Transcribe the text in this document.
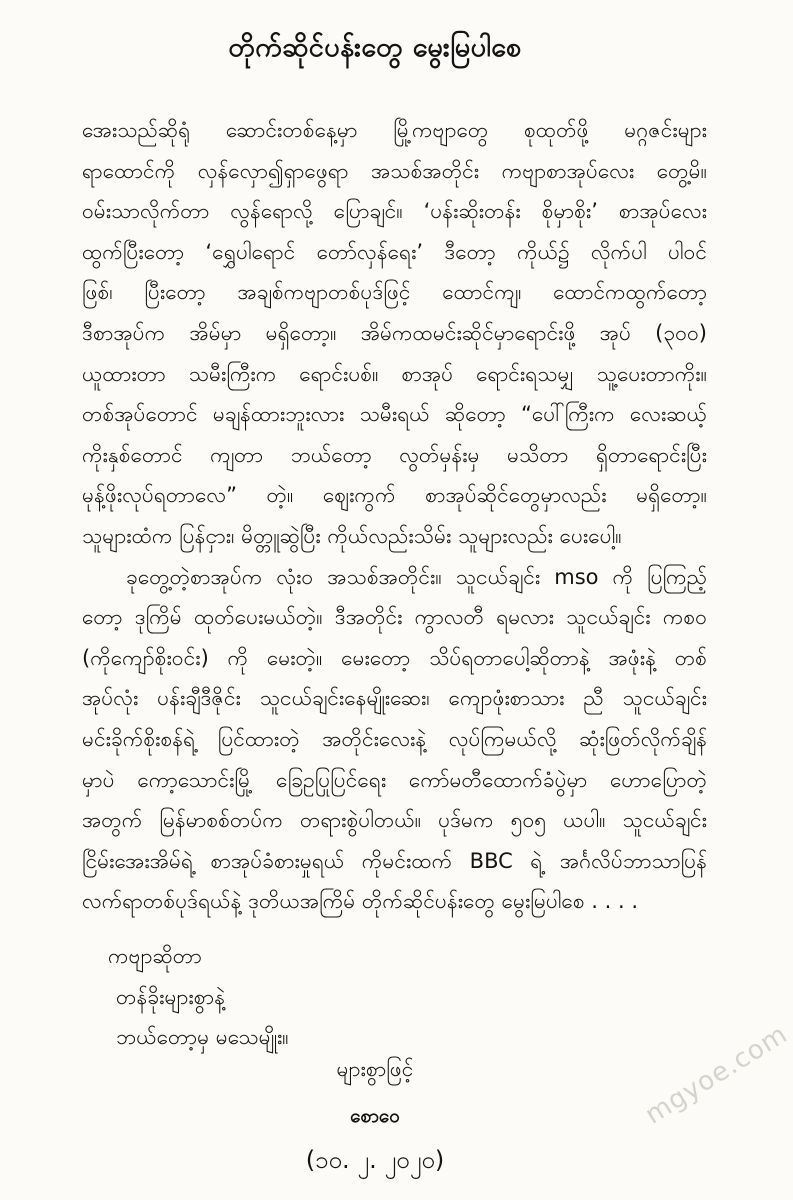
တိုက်ဆိုင်ပန်းတွေ မွေးမြပါစေ
အေးသည်ဆိုရုံ ဆောင်းတစ်နေ့မှာ မြို့ကဗျာတွေ စုထုတ်ဖို့ မဂ္ဂဇင်းများ
ရာထောင်ကို လှန်လှော၍ရှာဖွေရာ အသစ်အတိုင်း ကဗျာစာအုပ်လေး တွေ့မိ။
ဝမ်းသာလိုက်တာ လွန်ရောလို့ ပြောချင်။ ‘ပန်းဆိုးတန်း စိုမှာစိုး’ စာအုပ်လေး
ထွက်ပြီးတော့ ‘ရွှေပါရောင် တော်လှန်ရေး’ ဒီတော့ ကိုယ်၌ လိုက်ပါ ပါဝင်
ဖြစ်၊ ပြီးတော့ အချစ်ကဗျာတစ်ပုဒ်ဖြင့် ထောင်ကျ၊ ထောင်ကထွက်တော့
ဒီစာအုပ်က အိမ်မှာ မရှိတော့။ အိမ်ကထမင်းဆိုင်မှာရောင်းဖို့ အုပ် (၃၀၀)
ယူထားတာ သမီးကြီးက ရောင်းပစ်။ စာအုပ် ရောင်းရသမျှ သူ့ပေးတာကိုး။
တစ်အုပ်တောင် မချန်ထားဘူးလား သမီးရယ် ဆိုတော့ “ပေါ်ကြီးက လေးဆယ့်
ကိုးနှစ်တောင် ကျတာ ဘယ်တော့ လွတ်မှန်းမှ မသိတာ ရှိတာရောင်းပြီး
မုန့်ဖိုးလုပ်ရတာလေ” တဲ့။ ဈေးကွက် စာအုပ်ဆိုင်တွေမှာလည်း မရှိတော့။
သူများထံက ပြန်ငှား၊ မိတ္တူဆွဲပြီး ကိုယ်လည်းသိမ်း သူများလည်း ပေးပေါ့။
ခုတွေ့တဲ့စာအုပ်က လုံး၀ အသစ်အတိုင်း။ သူငယ်ချင်း mso ကို ပြကြည့်
တော့ ဒုကြိမ် ထုတ်ပေးမယ်တဲ့။ ဒီအတိုင်း ကွာလတီ ရမလား သူငယ်ချင်း ကစ၀
(ကိုကျော်စိုးဝင်း) ကို မေးတဲ့။ မေးတော့ သိပ်ရတာပေါ့ဆိုတာနဲ့ အဖုံးနဲ့ တစ်
အုပ်လုံး ပန်းချီဒီဇိုင်း သူငယ်ချင်းနေမျိုးဆေး၊ ကျောဖုံးစာသား ညီ သူငယ်ချင်း
မင်းခိုက်စိုးစန်ရဲ့ ပြင်ထားတဲ့ အတိုင်းလေးနဲ့ လုပ်ကြမယ်လို့ ဆုံးဖြတ်လိုက်ချိန်
မှာပဲ ကော့သောင်းမြို့ ခြေဥပြုပြင်ရေး ကော်မတီထောက်ခံပွဲမှာ ဟောပြောတဲ့
အတွက် မြန်မာစစ်တပ်က တရားစွဲပါတယ်။ ပုဒ်မက ၅၀၅ ယပါ။ သူငယ်ချင်း
ငြိမ်းအေးအိမ်ရဲ့ စာအုပ်ခံစားမှုရယ် ကိုမင်းထက် BBC ရဲ့ အင်္ဂလိပ်ဘာသာပြန်
လက်ရာတစ်ပုဒ်ရယ်နဲ့ ဒုတိယအကြိမ် တိုက်ဆိုင်ပန်းတွေ မွေးမြပါစေ . . . .
ကဗျာဆိုတာ
တန်ခိုးများစွာနဲ့
ဘယ်တော့မှ မသေမျိုး။
များစွာဖြင့်
စောဝေ
(၁၀. ၂. ၂၀၂၀)
mgyoe.com
